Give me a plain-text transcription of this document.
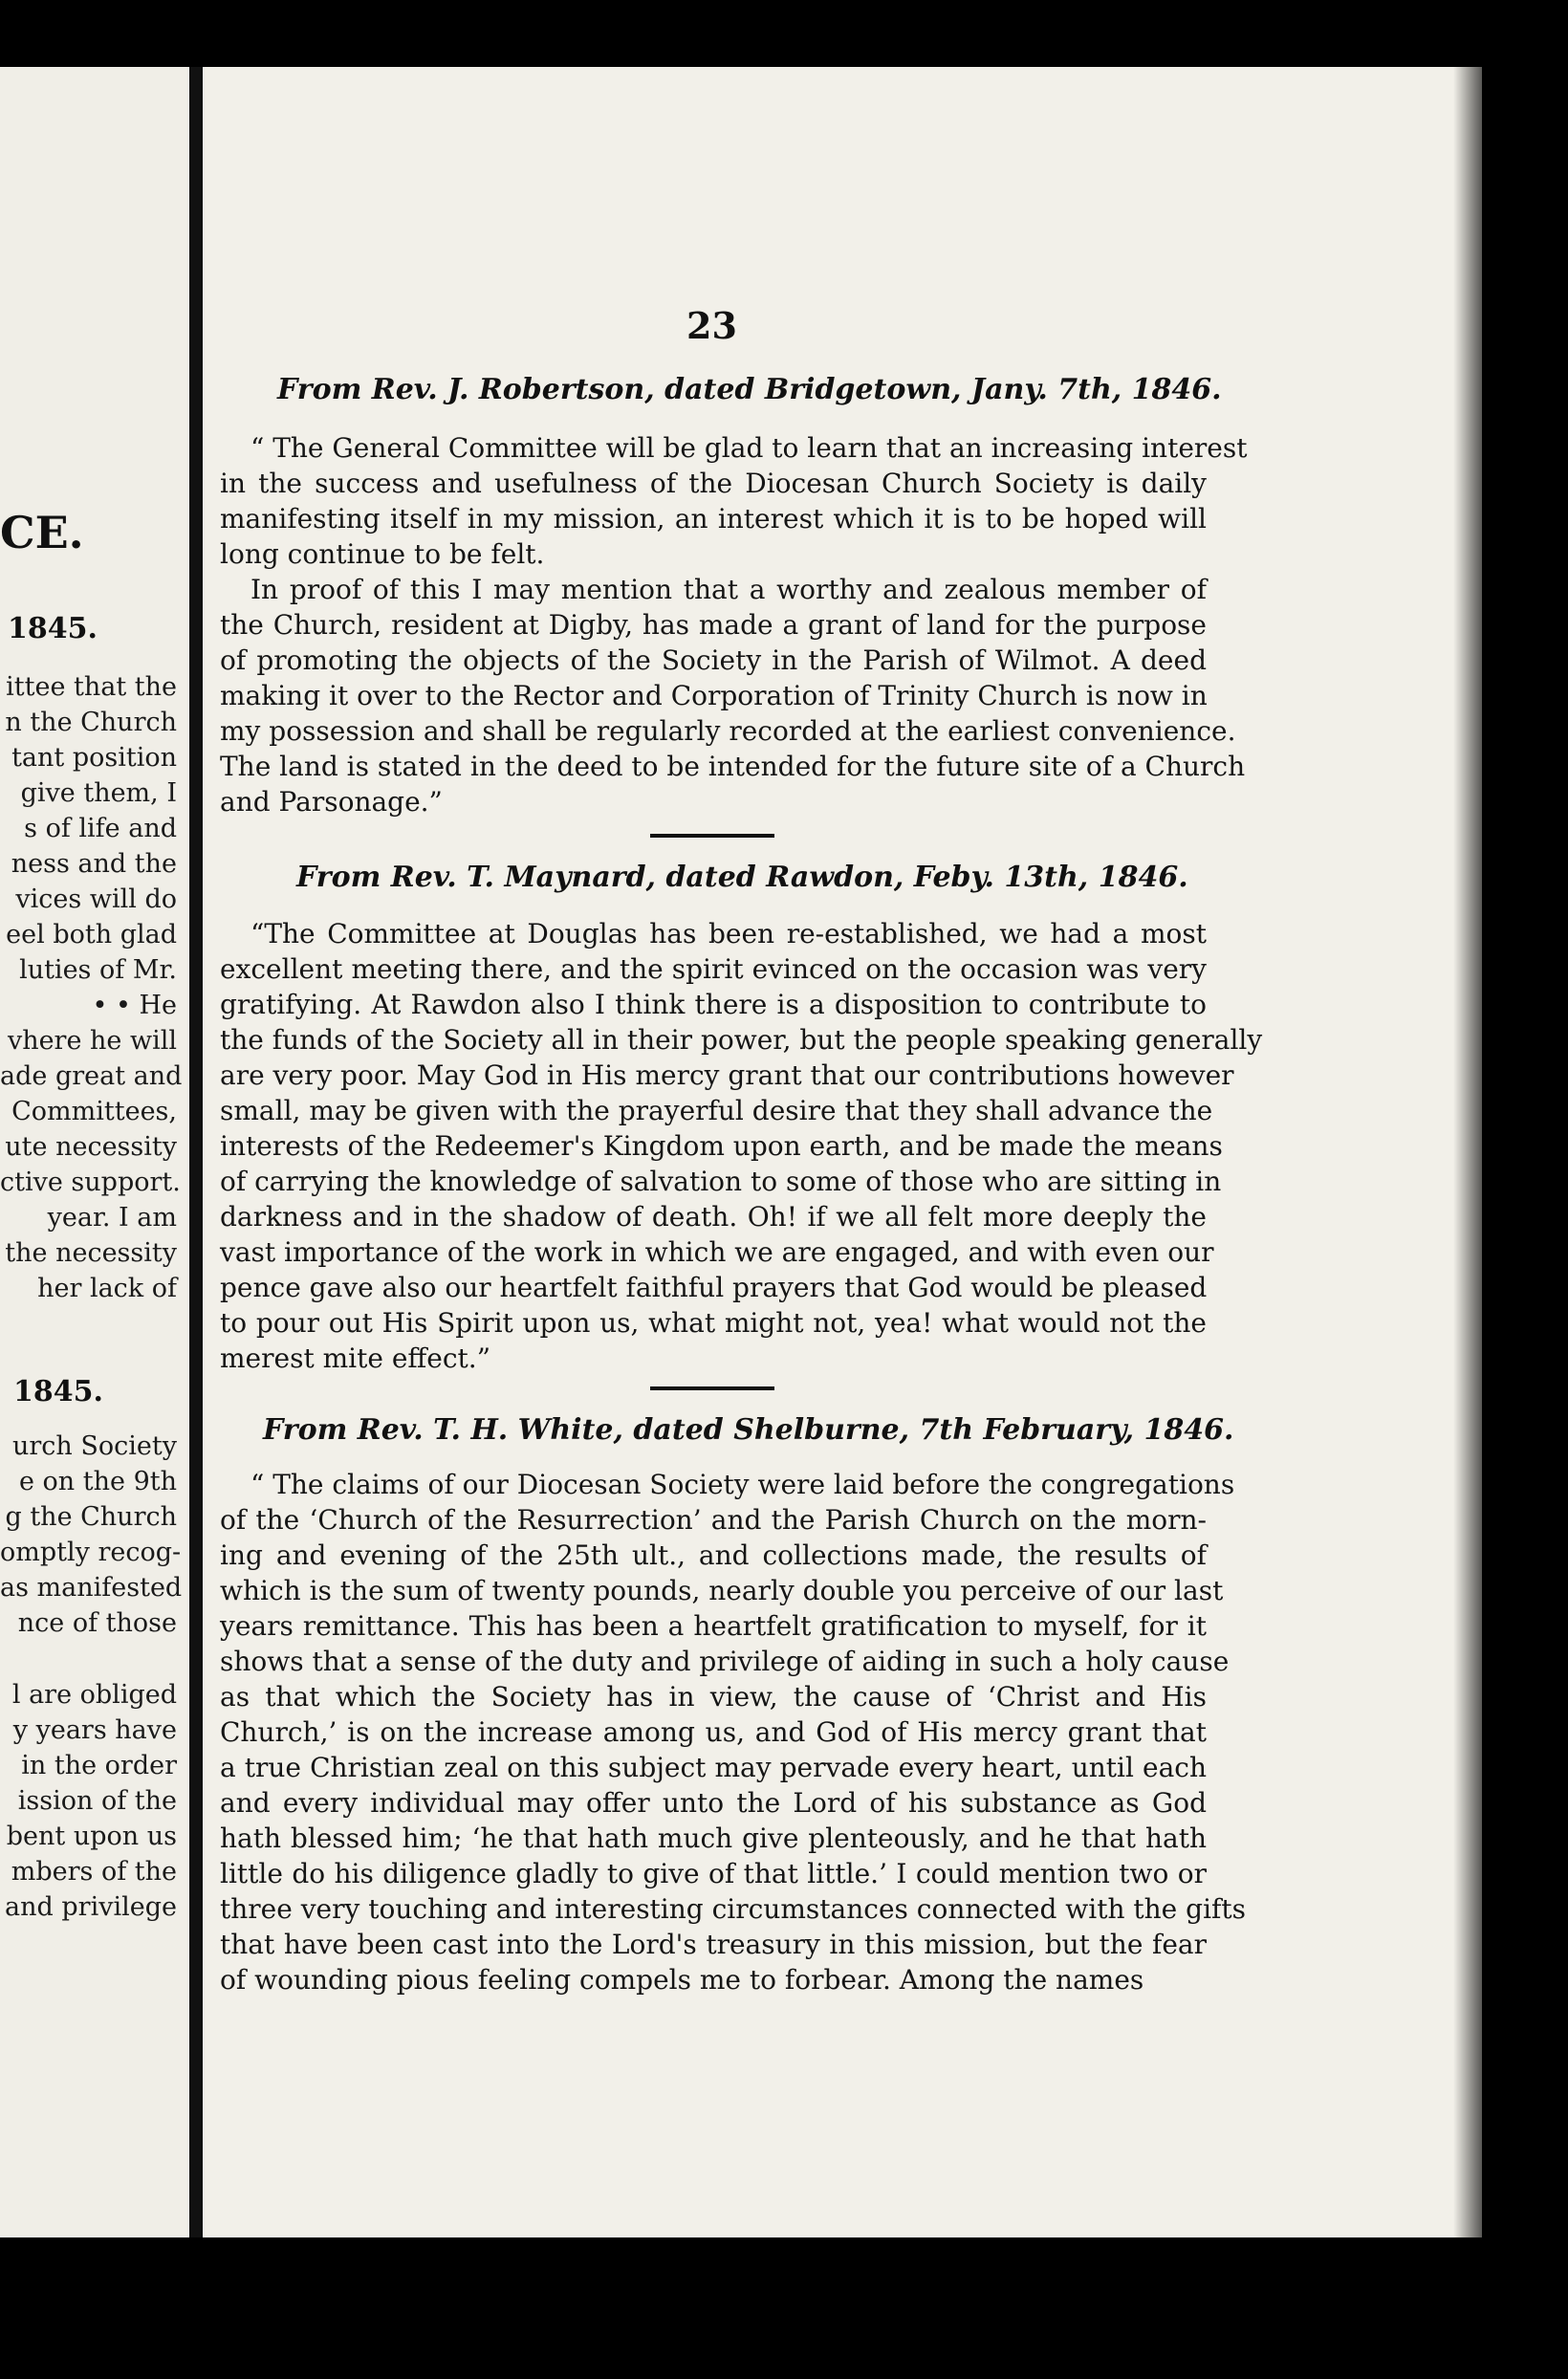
CE.
1845.
ittee that the
n the Church
tant position
give them, I
s of life and
ness and the
vices will do
eel both glad
luties of Mr.
• • He
vhere he will
ade great and
Committees,
ute necessity
ctive support.
year. I am
the necessity
her lack of
1845.
urch Society
e on the 9th
g the Church
omptly recog-
as manifested
nce of those
l are obliged
y years have
in the order
ission of the
bent upon us
mbers of the
and privilege
23
From Rev. J. Robertson, dated Bridgetown, Jany. 7th, 1846.
“ The General Committee will be glad to learn that an increasing interest
in the success and usefulness of the Diocesan Church Society is daily
manifesting itself in my mission, an interest which it is to be hoped will
long continue to be felt.
In proof of this I may mention that a worthy and zealous member of
the Church, resident at Digby, has made a grant of land for the purpose
of promoting the objects of the Society in the Parish of Wilmot. A deed
making it over to the Rector and Corporation of Trinity Church is now in
my possession and shall be regularly recorded at the earliest convenience.
The land is stated in the deed to be intended for the future site of a Church
and Parsonage.”
From Rev. T. Maynard, dated Rawdon, Feby. 13th, 1846.
“The Committee at Douglas has been re-established, we had a most
excellent meeting there, and the spirit evinced on the occasion was very
gratifying. At Rawdon also I think there is a disposition to contribute to
the funds of the Society all in their power, but the people speaking generally
are very poor. May God in His mercy grant that our contributions however
small, may be given with the prayerful desire that they shall advance the
interests of the Redeemer's Kingdom upon earth, and be made the means
of carrying the knowledge of salvation to some of those who are sitting in
darkness and in the shadow of death. Oh! if we all felt more deeply the
vast importance of the work in which we are engaged, and with even our
pence gave also our heartfelt faithful prayers that God would be pleased
to pour out His Spirit upon us, what might not, yea! what would not the
merest mite effect.”
From Rev. T. H. White, dated Shelburne, 7th February, 1846.
“ The claims of our Diocesan Society were laid before the congregations
of the ‘Church of the Resurrection’ and the Parish Church on the morn-
ing and evening of the 25th ult., and collections made, the results of
which is the sum of twenty pounds, nearly double you perceive of our last
years remittance. This has been a heartfelt gratification to myself, for it
shows that a sense of the duty and privilege of aiding in such a holy cause
as that which the Society has in view, the cause of ‘Christ and His
Church,’ is on the increase among us, and God of His mercy grant that
a true Christian zeal on this subject may pervade every heart, until each
and every individual may offer unto the Lord of his substance as God
hath blessed him; ‘he that hath much give plenteously, and he that hath
little do his diligence gladly to give of that little.’ I could mention two or
three very touching and interesting circumstances connected with the gifts
that have been cast into the Lord's treasury in this mission, but the fear
of wounding pious feeling compels me to forbear. Among the names
